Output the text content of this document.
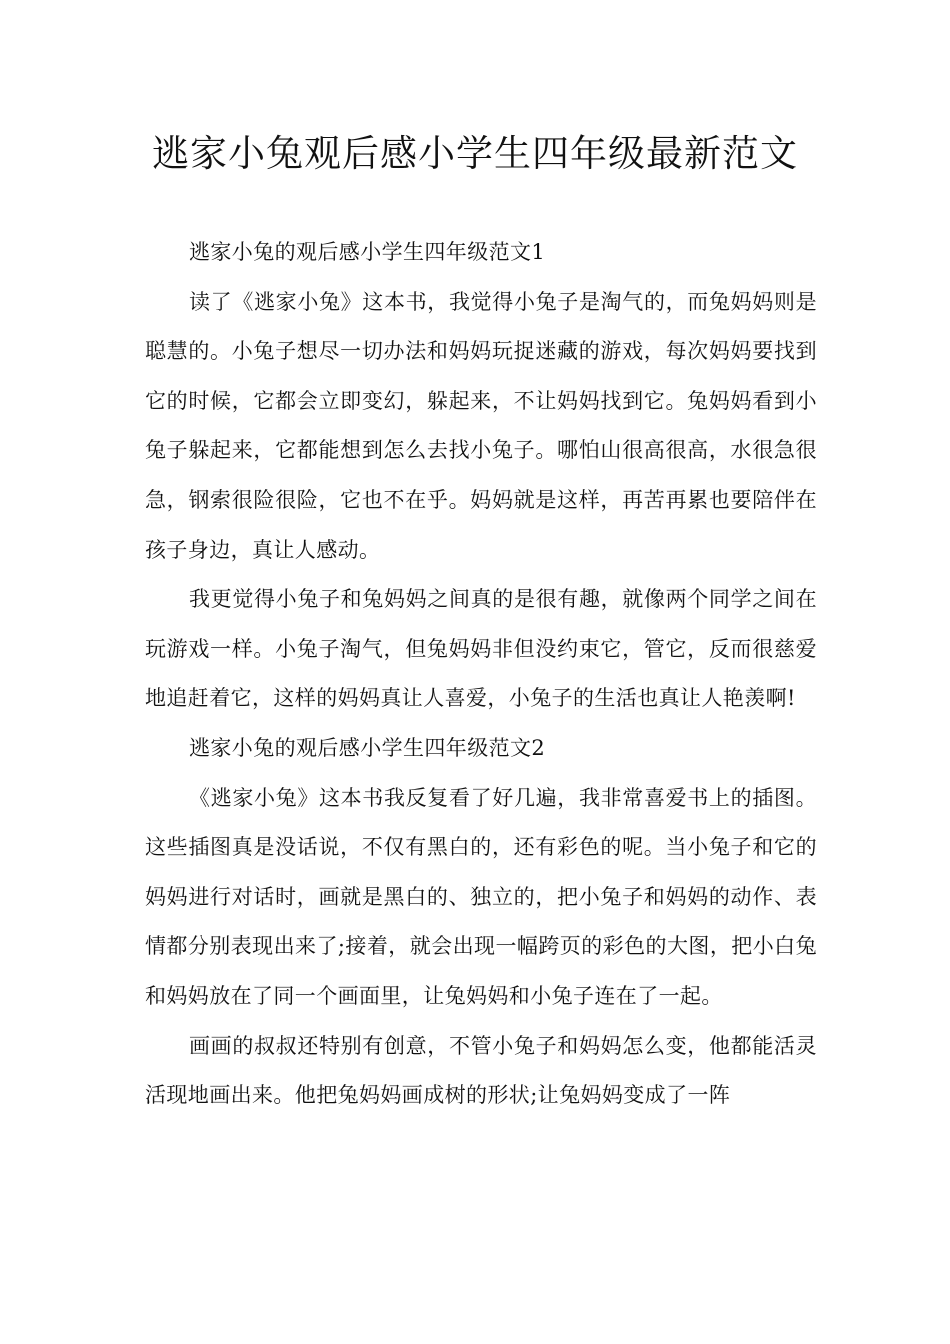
逃家小兔观后感小学生四年级最新范文

逃家小兔的观后感小学生四年级范文1

读了《逃家小兔》这本书，我觉得小兔子是淘气的，而兔妈妈则是聪慧的。小兔子想尽一切办法和妈妈玩捉迷藏的游戏，每次妈妈要找到它的时候，它都会立即变幻，躲起来，不让妈妈找到它。兔妈妈看到小兔子躲起来，它都能想到怎么去找小兔子。哪怕山很高很高，水很急很急，钢索很险很险，它也不在乎。妈妈就是这样，再苦再累也要陪伴在孩子身边，真让人感动。

我更觉得小兔子和兔妈妈之间真的是很有趣，就像两个同学之间在玩游戏一样。小兔子淘气，但兔妈妈非但没约束它，管它，反而很慈爱地追赶着它，这样的妈妈真让人喜爱，小兔子的生活也真让人艳羡啊!

逃家小兔的观后感小学生四年级范文2

《逃家小兔》这本书我反复看了好几遍，我非常喜爱书上的插图。这些插图真是没话说，不仅有黑白的，还有彩色的呢。当小兔子和它的妈妈进行对话时，画就是黑白的、独立的，把小兔子和妈妈的动作、表情都分别表现出来了;接着，就会出现一幅跨页的彩色的大图，把小白兔和妈妈放在了同一个画面里，让兔妈妈和小兔子连在了一起。

画画的叔叔还特别有创意，不管小兔子和妈妈怎么变，他都能活灵活现地画出来。他把兔妈妈画成树的形状;让兔妈妈变成了一阵
